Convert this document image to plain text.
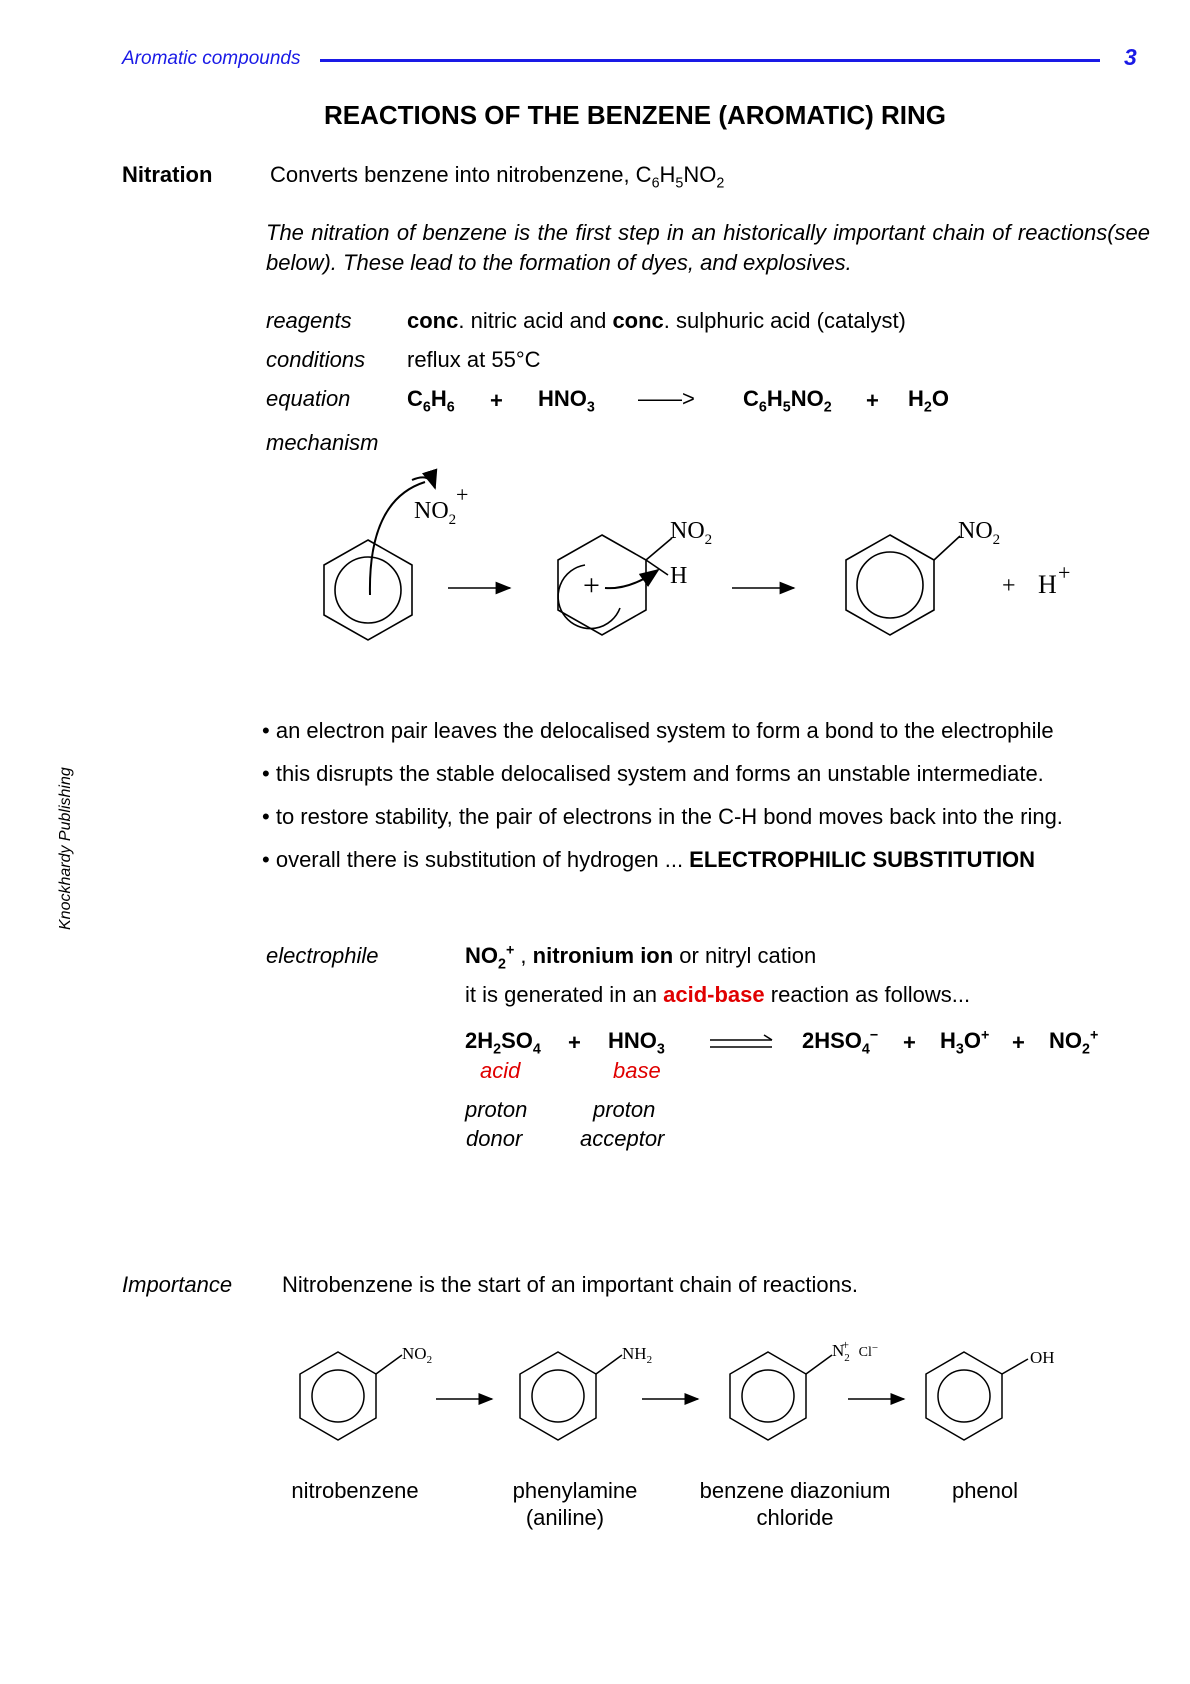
Aromatic compounds	3
Knockhardy Publishing
REACTIONS OF THE BENZENE (AROMATIC) RING
Nitration	Converts benzene into nitrobenzene, $C_6H_5NO_2$
The nitration of benzene is the first step in an historically important chain of reactions(see below). These lead to the formation of dyes, and explosives.
reagents	conc. nitric acid and conc. sulphuric acid (catalyst)
conditions reflux at 55°C
equation	$C_6H_6 + HNO_3$ ——> $C_6H_5NO_2 + H_2O$
mechanism
$NO_2$
+
+
$NO_2$
H
$NO_2$
+ H +
• an electron pair leaves the delocalised system to form a bond to the electrophile
• this disrupts the stable delocalised system and forms an unstable intermediate.
• to restore stability, the pair of electrons in the C-H bond moves back into the ring.
• overall there is substitution of hydrogen ... ELECTROPHILIC SUBSTITUTION
electrophile	$NO_2^+$ , nitronium ion or nitryl cation
it is generated in an acid-base reaction as follows...
$2H_2SO_4 + HNO_3$	$2HSO_4^- + H_3O^+ + NO_2^+$
acid	base
proton
donor
proton
acceptor
Importance Nitrobenzene is the start of an important chain of reactions.
$NO_2$	$NH_2$	$N_2+ Cl^-$	OH
nitrobenzene	phenylamine
(aniline)
benzene diazonium
chloride
phenol
